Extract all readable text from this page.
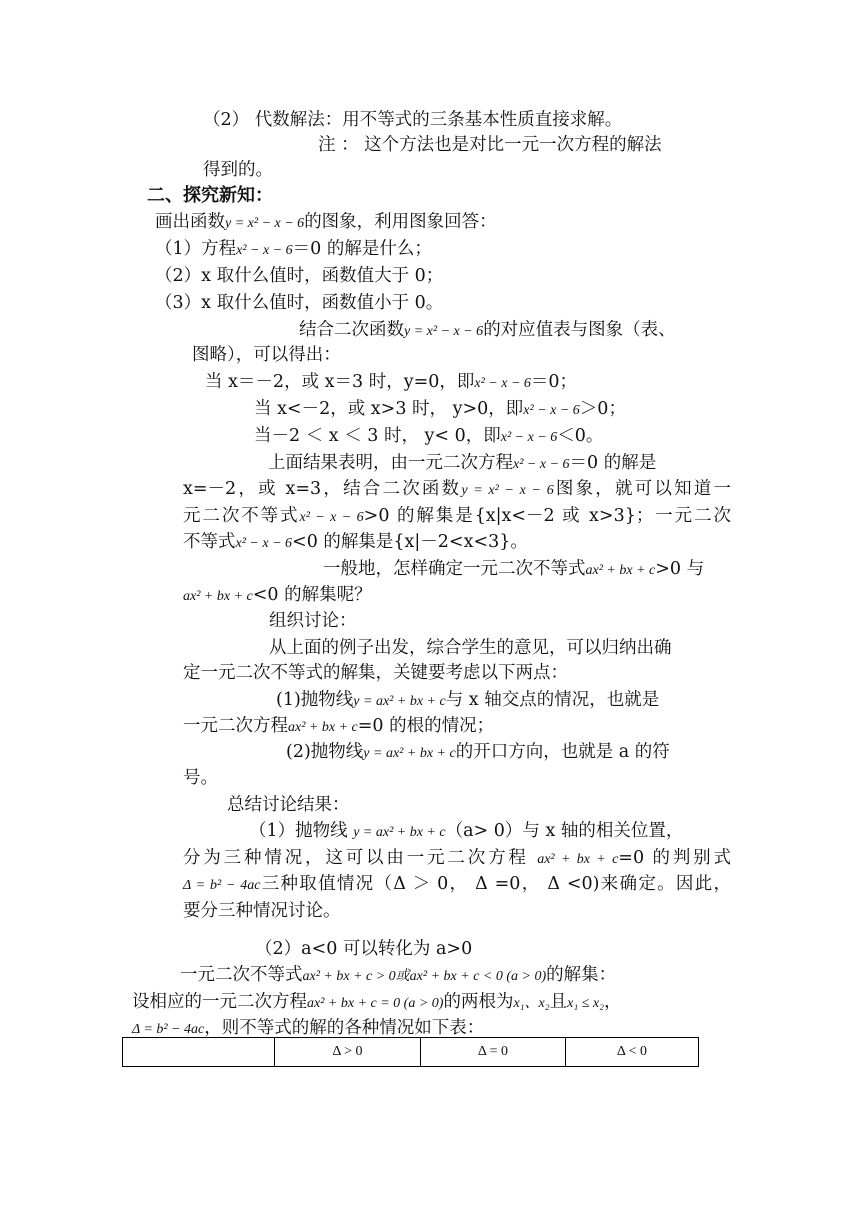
（2） 代数解法：用不等式的三条基本性质直接求解。
注 ： 这个方法也是对比一元一次方程的解法
得到的。
二、探究新知：
画出函数y = x² − x − 6的图象，利用图象回答：
（1）方程x² − x − 6＝0 的解是什么；
（2）x 取什么值时，函数值大于 0；
（3）x 取什么值时，函数值小于 0。
结合二次函数y = x² − x − 6的对应值表与图象（表、
图略），可以得出：
当 x＝－2，或 x＝3 时，y=0，即x² − x − 6＝0；
当 x<－2，或 x>3 时， y>0，即x² − x − 6＞0；
当－2 ＜ x ＜ 3 时， y< 0，即x² − x − 6＜0。
上面结果表明，由一元二次方程x² − x − 6＝0 的解是
x=－2，或 x=3，结合二次函数y = x² − x − 6图象，就可以知道一
元二次不等式x² − x − 6>0 的解集是{x|x<－2 或 x>3}；一元二次
不等式x² − x − 6<0 的解集是{x|－2<x<3}。
一般地，怎样确定一元二次不等式ax² + bx + c>0 与
ax² + bx + c<0 的解集呢？
组织讨论：
从上面的例子出发，综合学生的意见，可以归纳出确
定一元二次不等式的解集，关键要考虑以下两点：
(1)抛物线y = ax² + bx + c与 x 轴交点的情况，也就是
一元二次方程ax² + bx + c=0 的根的情况；
(2)抛物线y = ax² + bx + c的开口方向，也就是 a 的符
号。
总结讨论结果：
（1）抛物线 y = ax² + bx + c（a> 0）与 x 轴的相关位置，
分为三种情况，这可以由一元二次方程 ax² + bx + c=0 的判别式
Δ = b² − 4ac三种取值情况（Δ ＞ 0， Δ =0， Δ <0)来确定。因此，
要分三种情况讨论。
（2）a<0 可以转化为 a>0
一元二次不等式ax² + bx + c > 0或ax² + bx + c < 0 (a > 0)的解集：
设相应的一元二次方程ax² + bx + c = 0 (a > 0)的两根为x₁、x₂且x₁ ≤ x₂，
Δ = b² − 4ac，则不等式的解的各种情况如下表：
	Δ > 0	Δ = 0	Δ < 0
